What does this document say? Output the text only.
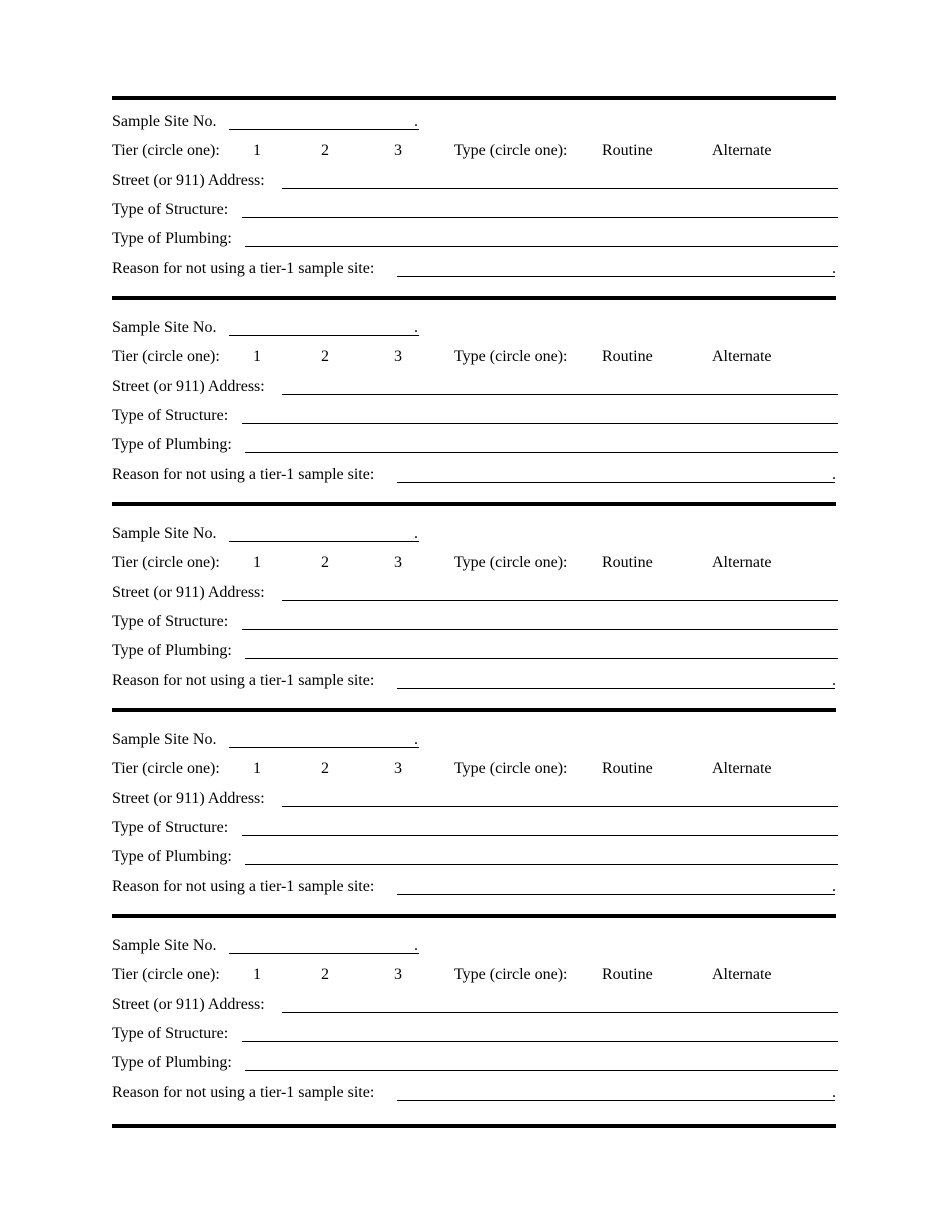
Sample Site No.	.
Tier (circle one): 1	2	3	Type (circle one): Routine	Alternate
Street (or 911) Address:
Type of Structure:
Type of Plumbing:
Reason for not using a tier-1 sample site:	.
Sample Site No.	.
Tier (circle one): 1	2	3	Type (circle one): Routine	Alternate
Street (or 911) Address:
Type of Structure:
Type of Plumbing:
Reason for not using a tier-1 sample site:	.
Sample Site No.	.
Tier (circle one): 1	2	3	Type (circle one): Routine	Alternate
Street (or 911) Address:
Type of Structure:
Type of Plumbing:
Reason for not using a tier-1 sample site:	.
Sample Site No.	.
Tier (circle one): 1	2	3	Type (circle one): Routine	Alternate
Street (or 911) Address:
Type of Structure:
Type of Plumbing:
Reason for not using a tier-1 sample site:	.
Sample Site No.	.
Tier (circle one): 1	2	3	Type (circle one): Routine	Alternate
Street (or 911) Address:
Type of Structure:
Type of Plumbing:
Reason for not using a tier-1 sample site:	.
